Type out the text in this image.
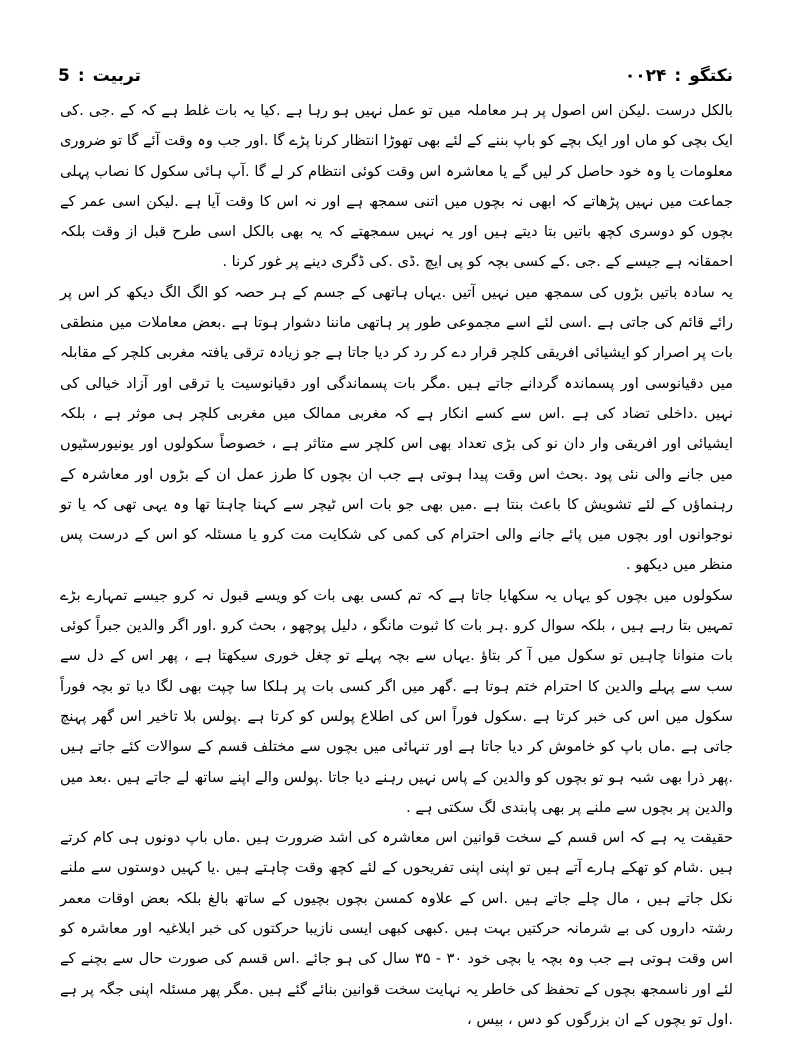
5 : تربیت	۰۰۲۴ : نکتگو

بالکل درست .لیکن اس اصول پر ہر معاملہ میں تو عمل نہیں ہو رہا ہے .کیا یہ بات غلط ہے کہ کے .جی .کی ایک بچی کو ماں اور ایک بچے کو باپ بننے کے لئے بھی تھوڑا انتظار کرنا پڑے گا .اور جب وہ وقت آئے گا تو ضروری معلومات یا وہ خود حاصل کر لیں گے یا معاشرہ اس وقت کوئی انتظام کر لے گا .آپ ہائی سکول کا نصاب پہلی جماعت میں نہیں پڑھاتے کہ ابھی نہ بچوں میں اتنی سمجھ ہے اور نہ اس کا وقت آیا ہے .لیکن اسی عمر کے بچوں کو دوسری کچھ باتیں بتا دیتے ہیں اور یہ نہیں سمجھتے کہ یہ بھی بالکل اسی طرح قبل از وقت بلکہ احمقانہ ہے جیسے کے .جی .کے کسی بچہ کو پی ایچ .ڈی .کی ڈگری دینے پر غور کرنا .

یہ سادہ باتیں بڑوں کی سمجھ میں نہیں آتیں .یہاں ہاتھی کے جسم کے ہر حصہ کو الگ الگ دیکھ کر اس پر رائے قائم کی جاتی ہے .اسی لئے اسے مجموعی طور پر ہاتھی ماننا دشوار ہوتا ہے .بعض معاملات میں منطقی بات پر اصرار کو ایشیائی افریقی کلچر قرار دے کر رد کر دیا جاتا ہے جو زیادہ ترقی یافتہ مغربی کلچر کے مقابلہ میں دقیانوسی اور پسماندہ گردانے جاتے ہیں .مگر بات پسماندگی اور دقیانوسیت یا ترقی اور آزاد خیالی کی نہیں .داخلی تضاد کی ہے .اس سے کسے انکار ہے کہ مغربی ممالک میں مغربی کلچر ہی موثر ہے ، بلکہ ایشیائی اور افریقی وار دان نو کی بڑی تعداد بھی اس کلچر سے متاثر ہے ، خصوصاً سکولوں اور یونیورسٹیوں میں جانے والی نئی پود .بحث اس وقت پیدا ہوتی ہے جب ان بچوں کا طرز عمل ان کے بڑوں اور معاشرہ کے رہنماؤں کے لئے تشویش کا باعث بنتا ہے .میں بھی جو بات اس ٹیچر سے کہنا چاہتا تھا وہ یہی تھی کہ یا تو نوجوانوں اور بچوں میں پائے جانے والی احترام کی کمی کی شکایت مت کرو یا مسئلہ کو اس کے درست پس منظر میں دیکھو .

سکولوں میں بچوں کو یہاں یہ سکھایا جاتا ہے کہ تم کسی بھی بات کو ویسے قبول نہ کرو جیسے تمہارے بڑے تمہیں بتا رہے ہیں ، بلکہ سوال کرو .ہر بات کا ثبوت مانگو ، دلیل پوچھو ، بحث کرو .اور اگر والدین جبراً کوئی بات منوانا چاہیں تو سکول میں آ کر بتاؤ .یہاں سے بچہ پہلے تو چغل خوری سیکھتا ہے ، پھر اس کے دل سے سب سے پہلے والدین کا احترام ختم ہوتا ہے .گھر میں اگر کسی بات پر ہلکا سا چپت بھی لگا دیا تو بچہ فوراً سکول میں اس کی خبر کرتا ہے .سکول فوراً اس کی اطلاع پولس کو کرتا ہے .پولس بلا تاخیر اس گھر پہنچ جاتی ہے .ماں باپ کو خاموش کر دیا جاتا ہے اور تنہائی میں بچوں سے مختلف قسم کے سوالات کئے جاتے ہیں .پھر ذرا بھی شبہ ہو تو بچوں کو والدین کے پاس نہیں رہنے دیا جاتا .پولس والے اپنے ساتھ لے جاتے ہیں .بعد میں والدین پر بچوں سے ملنے پر بھی پابندی لگ سکتی ہے .

حقیقت یہ ہے کہ اس قسم کے سخت قوانین اس معاشرہ کی اشد ضرورت ہیں .ماں باپ دونوں ہی کام کرتے ہیں .شام کو تھکے ہارے آتے ہیں تو اپنی اپنی تفریحوں کے لئے کچھ وقت چاہتے ہیں .یا کہیں دوستوں سے ملنے نکل جاتے ہیں ، مال چلے جاتے ہیں .اس کے علاوہ کمسن بچوں بچیوں کے ساتھ بالغ بلکہ بعض اوقات معمر رشتہ داروں کی بے شرمانہ حرکتیں بہت ہیں .کبھی کبھی ایسی نازیبا حرکتوں کی خبر ابلاغیہ اور معاشرہ کو اس وقت ہوتی ہے جب وہ بچہ یا بچی خود ۳۰ - ۳۵ سال کی ہو جائے .اس قسم کی صورت حال سے بچنے کے لئے اور ناسمجھ بچوں کے تحفظ کی خاطر یہ نہایت سخت قوانین بنائے گئے ہیں .مگر پھر مسئلہ اپنی جگہ پر ہے .اول تو بچوں کے ان بزرگوں کو دس ، بیس ،
